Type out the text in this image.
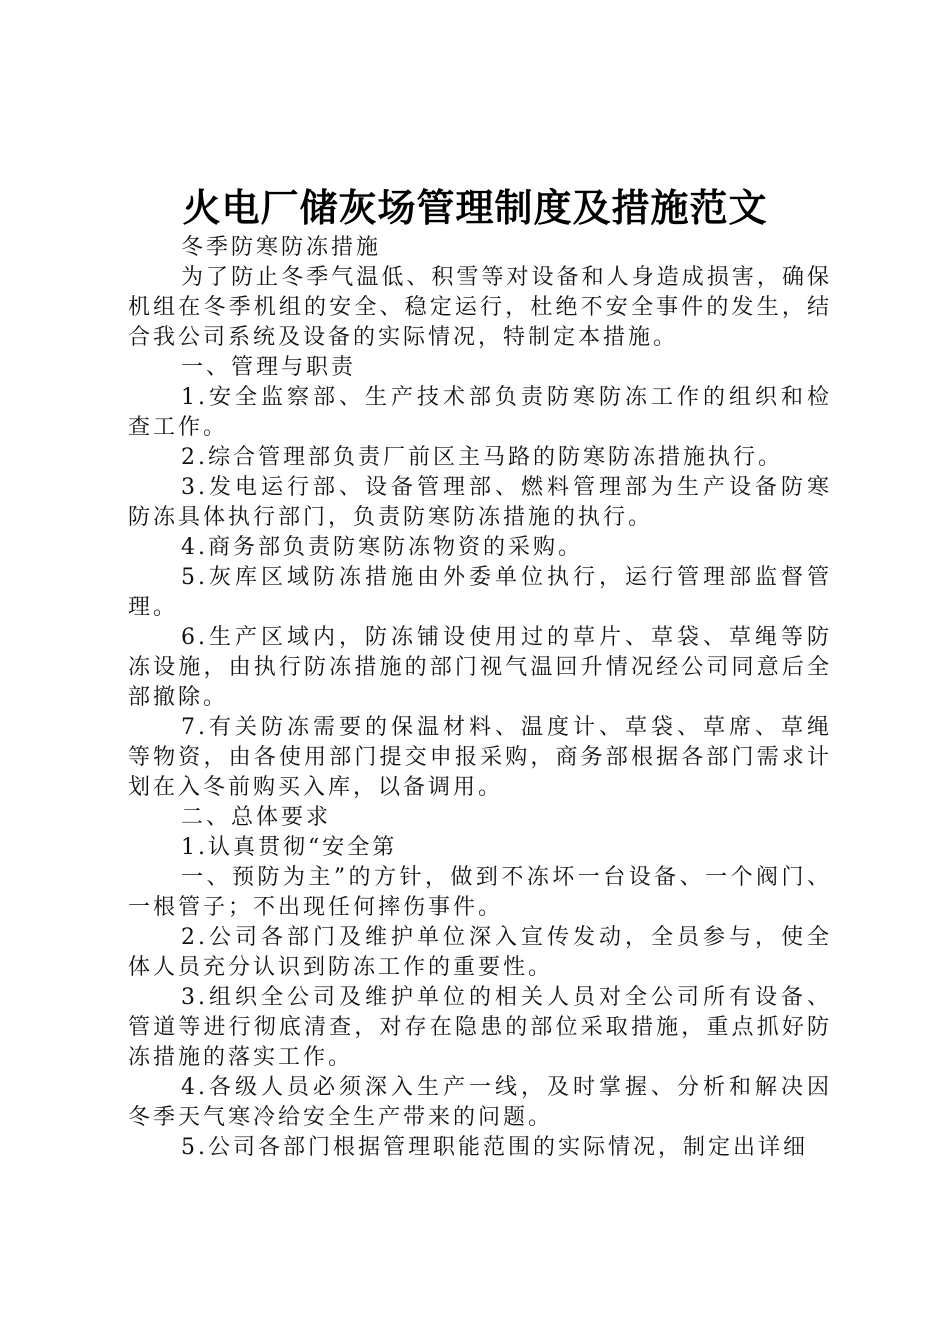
火电厂储灰场管理制度及措施范文

冬季防寒防冻措施

为了防止冬季气温低、积雪等对设备和人身造成损害，确保机组在冬季机组的安全、稳定运行，杜绝不安全事件的发生，结合我公司系统及设备的实际情况，特制定本措施。

一、管理与职责

1.安全监察部、生产技术部负责防寒防冻工作的组织和检查工作。

2.综合管理部负责厂前区主马路的防寒防冻措施执行。

3.发电运行部、设备管理部、燃料管理部为生产设备防寒防冻具体执行部门，负责防寒防冻措施的执行。

4.商务部负责防寒防冻物资的采购。

5.灰库区域防冻措施由外委单位执行，运行管理部监督管理。

6.生产区域内，防冻铺设使用过的草片、草袋、草绳等防冻设施，由执行防冻措施的部门视气温回升情况经公司同意后全部撤除。

7.有关防冻需要的保温材料、温度计、草袋、草席、草绳等物资，由各使用部门提交申报采购，商务部根据各部门需求计划在入冬前购买入库，以备调用。

二、总体要求

1.认真贯彻“安全第

一、预防为主”的方针，做到不冻坏一台设备、一个阀门、一根管子；不出现任何摔伤事件。

2.公司各部门及维护单位深入宣传发动，全员参与，使全体人员充分认识到防冻工作的重要性。

3.组织全公司及维护单位的相关人员对全公司所有设备、管道等进行彻底清查，对存在隐患的部位采取措施，重点抓好防冻措施的落实工作。

4.各级人员必须深入生产一线，及时掌握、分析和解决因冬季天气寒冷给安全生产带来的问题。

5.公司各部门根据管理职能范围的实际情况，制定出详细
